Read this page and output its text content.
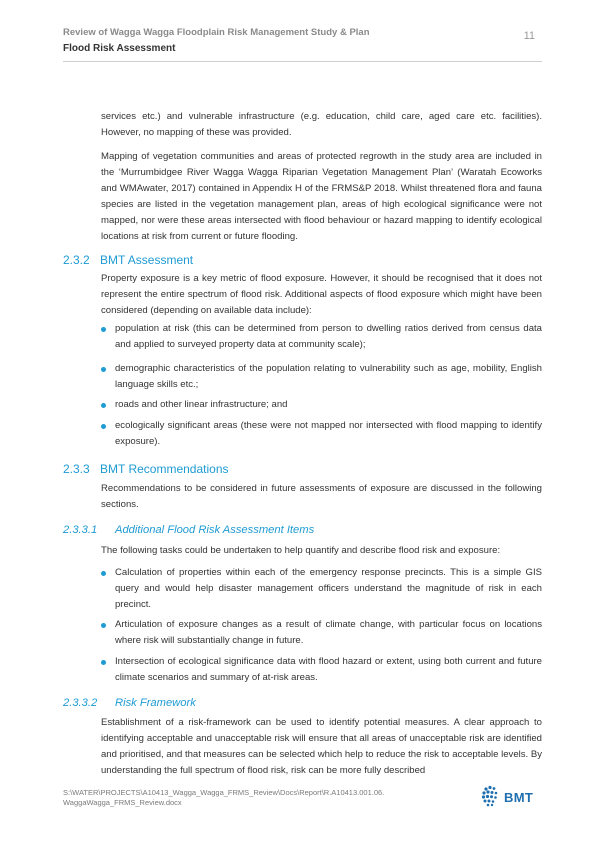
Review of Wagga Wagga Floodplain Risk Management Study & Plan
Flood Risk Assessment
11
services etc.) and vulnerable infrastructure (e.g. education, child care, aged care etc. facilities). However, no mapping of these was provided.
Mapping of vegetation communities and areas of protected regrowth in the study area are included in the ‘Murrumbidgee River Wagga Wagga Riparian Vegetation Management Plan’ (Waratah Ecoworks and WMAwater, 2017) contained in Appendix H of the FRMS&P 2018. Whilst threatened flora and fauna species are listed in the vegetation management plan, areas of high ecological significance were not mapped, nor were these areas intersected with flood behaviour or hazard mapping to identify ecological locations at risk from current or future flooding.
2.3.2 BMT Assessment
Property exposure is a key metric of flood exposure. However, it should be recognised that it does not represent the entire spectrum of flood risk. Additional aspects of flood exposure which might have been considered (depending on available data include):
population at risk (this can be determined from person to dwelling ratios derived from census data and applied to surveyed property data at community scale);
demographic characteristics of the population relating to vulnerability such as age, mobility, English language skills etc.;
roads and other linear infrastructure; and
ecologically significant areas (these were not mapped nor intersected with flood mapping to identify exposure).
2.3.3 BMT Recommendations
Recommendations to be considered in future assessments of exposure are discussed in the following sections.
2.3.3.1 Additional Flood Risk Assessment Items
The following tasks could be undertaken to help quantify and describe flood risk and exposure:
Calculation of properties within each of the emergency response precincts. This is a simple GIS query and would help disaster management officers understand the magnitude of risk in each precinct.
Articulation of exposure changes as a result of climate change, with particular focus on locations where risk will substantially change in future.
Intersection of ecological significance data with flood hazard or extent, using both current and future climate scenarios and summary of at-risk areas.
2.3.3.2 Risk Framework
Establishment of a risk-framework can be used to identify potential measures. A clear approach to identifying acceptable and unacceptable risk will ensure that all areas of unacceptable risk are identified and prioritised, and that measures can be selected which help to reduce the risk to acceptable levels. By understanding the full spectrum of flood risk, risk can be more fully described
S:\WATER\PROJECTS\A10413_Wagga_Wagga_FRMS_Review\Docs\Report\R.A10413.001.06.
WaggaWagga_FRMS_Review.docx	BMT
